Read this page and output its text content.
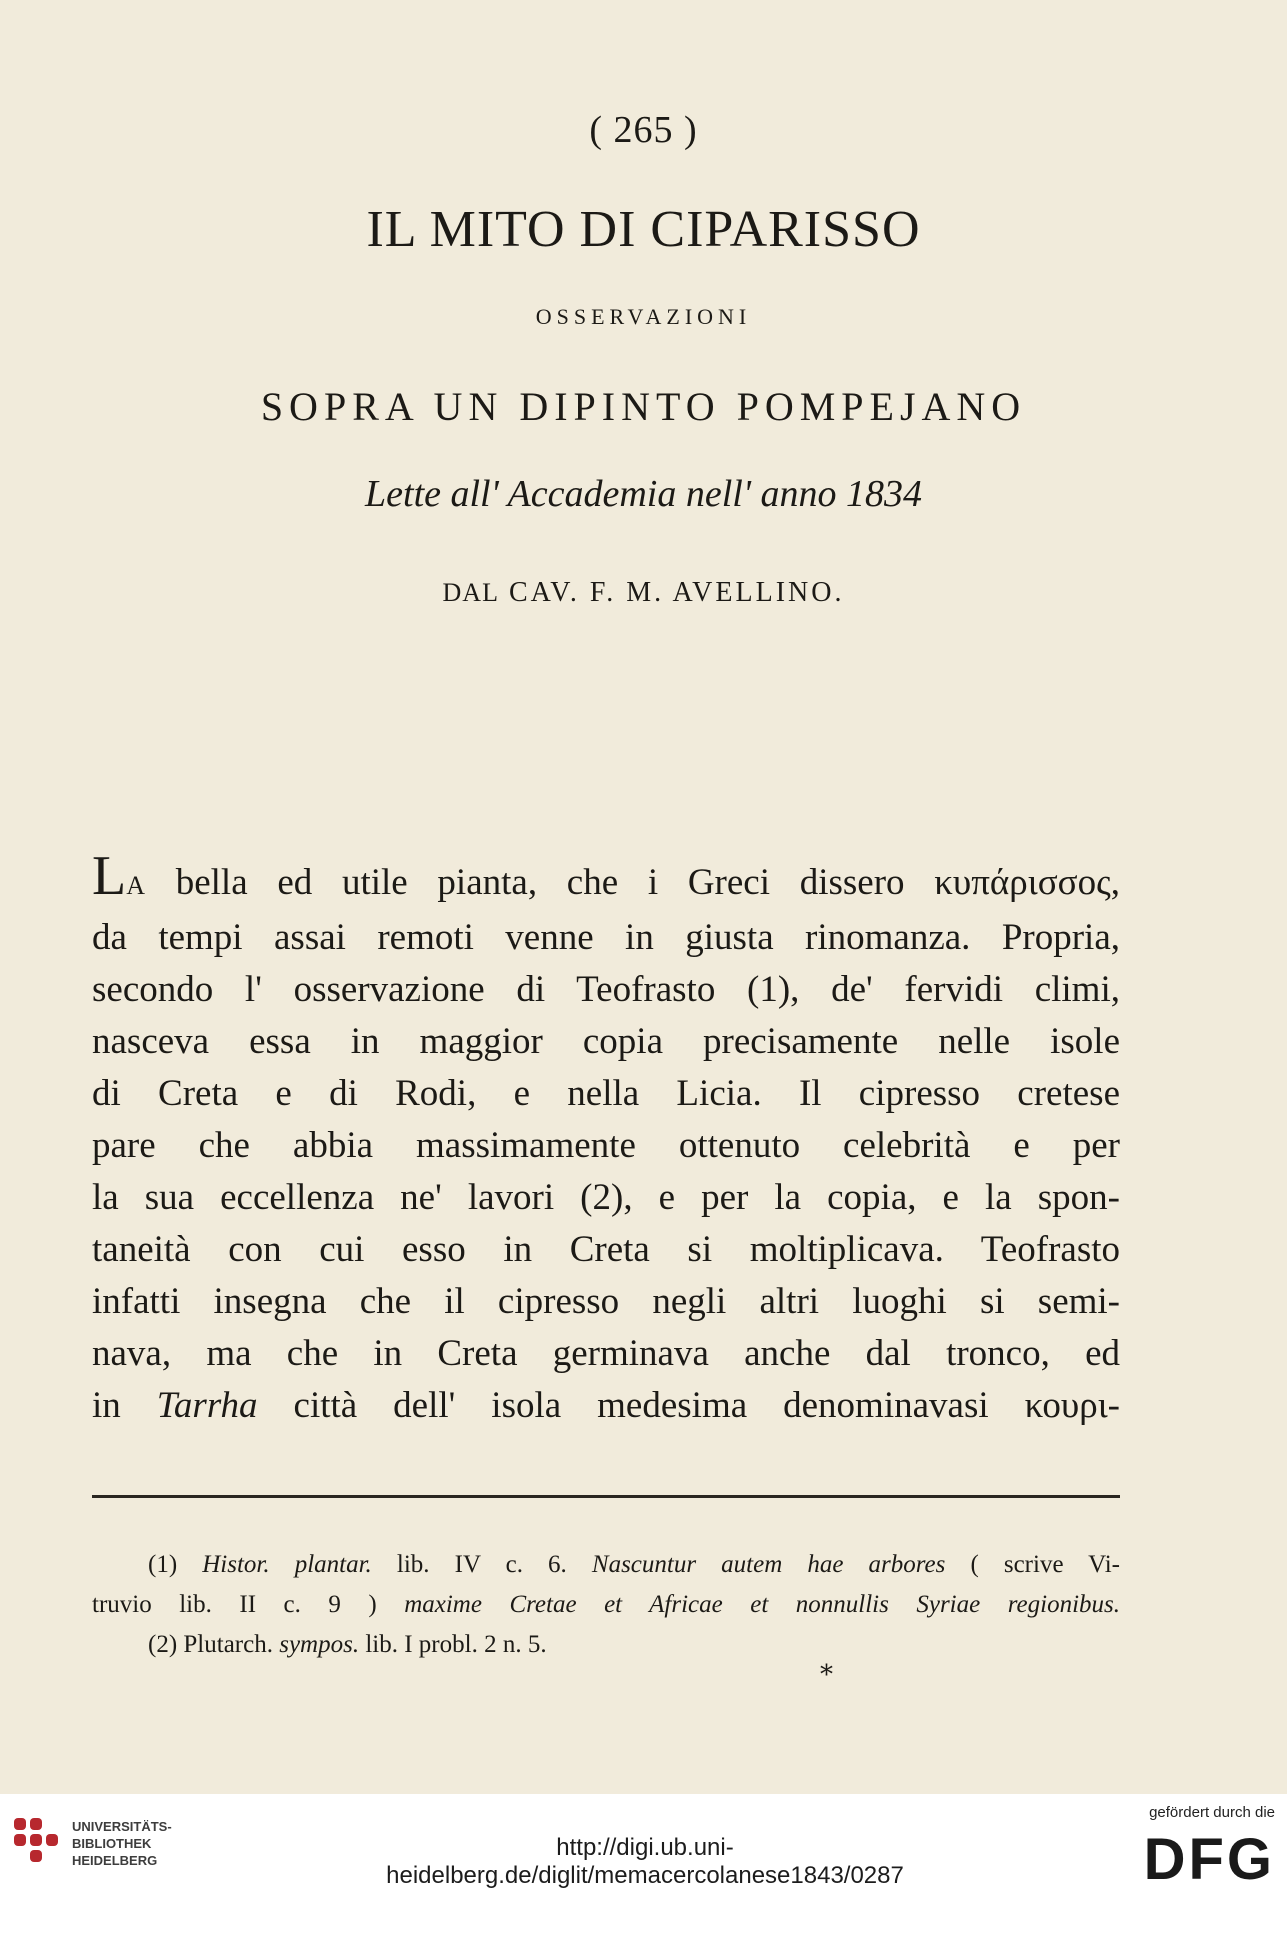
( 265 )
IL MITO DI CIPARISSO
OSSERVAZIONI
SOPRA UN DIPINTO POMPEJANO
Lette all' Accademia nell' anno 1834
DAL CAV. F. M. AVELLINO.
LA bella ed utile pianta, che i Greci dissero κυπάρισσος,
da tempi assai remoti venne in giusta rinomanza. Propria,
secondo l' osservazione di Teofrasto (1), de' fervidi climi,
nasceva essa in maggior copia precisamente nelle isole
di Creta e di Rodi, e nella Licia. Il cipresso cretese
pare che abbia massimamente ottenuto celebrità e per
la sua eccellenza ne' lavori (2), e per la copia, e la spon-
taneità con cui esso in Creta si moltiplicava. Teofrasto
infatti insegna che il cipresso negli altri luoghi si semi-
nava, ma che in Creta germinava anche dal tronco, ed
in Tarrha città dell' isola medesima denominavasi κουρι-
(1) Histor. plantar. lib. IV c. 6. Nascuntur autem hae arbores ( scrive Vi-
truvio lib. II c. 9 ) maxime Cretae et Africae et nonnullis Syriae regionibus.
(2) Plutarch. sympos. lib. I probl. 2 n. 5.
*
UNIVERSITÄTS-
BIBLIOTHEK
HEIDELBERG	http://digi.ub.uni-heidelberg.de/diglit/memacercolanese1843/0287
gefördert durch die
DFG
